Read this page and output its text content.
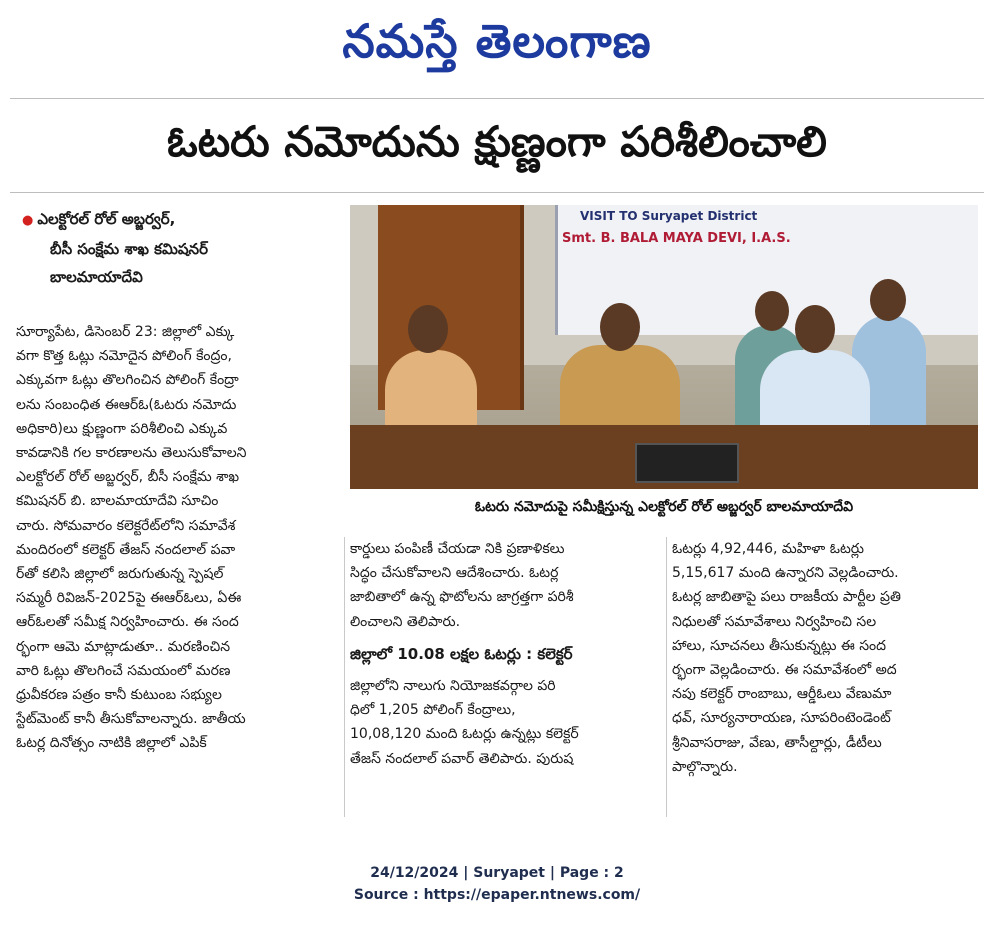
నమస్తే తెలంగాణ
ఓటరు నమోదును క్షుణ్ణంగా పరిశీలించాలి
● ఎలక్టోరల్ రోల్ అబ్జర్వర్,
బీసీ సంక్షేమ శాఖ కమిషనర్
బాలమాయాదేవి

సూర్యాపేట, డిసెంబర్ 23: జిల్లాలో ఎక్కు

వగా కొత్త ఓట్లు నమోదైన పోలింగ్ కేంద్రం,

ఎక్కువగా ఓట్లు తొలగించిన పోలింగ్ కేంద్రా

లను సంబంధిత ఈఆర్ఓ(ఓటరు నమోదు

అధికారి)లు క్షుణ్ణంగా పరిశీలించి ఎక్కువ

కావడానికి గల కారణాలను తెలుసుకోవాలని

ఎలక్టోరల్ రోల్ అబ్జర్వర్, బీసీ సంక్షేమ శాఖ

కమిషనర్ బి. బాలమాయాదేవి సూచిం

చారు. సోమవారం కలెక్టరేట్‌లోని సమావేశ

మందిరంలో కలెక్టర్ తేజస్ నందలాల్ పవా

ర్‌తో కలిసి జిల్లాలో జరుగుతున్న స్పెషల్

సమ్మరీ రివిజన్-2025పై ఈఆర్ఓలు, ఏఈ

ఆర్ఓలతో సమీక్ష నిర్వహించారు. ఈ సంద

ర్భంగా ఆమె మాట్లాడుతూ.. మరణించిన

వారి ఓట్లు తొలగించే సమయంలో మరణ

ధ్రువీకరణ పత్రం కానీ కుటుంబ సభ్యుల

స్టేట్‌మెంట్ కానీ తీసుకోవాలన్నారు. జాతీయ

ఓటర్ల దినోత్సం నాటికి జిల్లాలో ఎపిక్

VISIT TO Suryapet District
Smt. B. BALA MAYA DEVI, I.A.S.
ఓటరు నమోదుపై సమీక్షిస్తున్న ఎలక్టోరల్ రోల్ అబ్జర్వర్ బాలమాయాదేవి

కార్డులు పంపిణీ చేయడా నికి ప్రణాళికలు

సిద్ధం చేసుకోవాలని ఆదేశించారు. ఓటర్ల

జాబితాలో ఉన్న ఫొటోలను జాగ్రత్తగా పరిశీ

లించాలని తెలిపారు.

జిల్లాలో 10.08 లక్షల ఓటర్లు : కలెక్టర్

జిల్లాలోని నాలుగు నియోజకవర్గాల పరి

ధిలో 1,205 పోలింగ్ కేంద్రాలు,

10,08,120 మంది ఓటర్లు ఉన్నట్లు కలెక్టర్

తేజస్ నందలాల్ పవార్ తెలిపారు. పురుష

ఓటర్లు 4,92,446, మహిళా ఓటర్లు

5,15,617 మంది ఉన్నారని వెల్లడించారు.

ఓటర్ల జాబితాపై పలు రాజకీయ పార్టీల ప్రతి

నిధులతో సమావేశాలు నిర్వహించి సల

హాలు, సూచనలు తీసుకున్నట్లు ఈ సంద

ర్భంగా వెల్లడించారు. ఈ సమావేశంలో అద

నపు కలెక్టర్ రాంబాబు, ఆర్డీఓలు వేణుమా

ధవ్, సూర్యనారాయణ, సూపరింటెండెంట్

శ్రీనివాసరాజు, వేణు, తాసీల్దార్లు, డీటీలు

పాల్గొన్నారు.

24/12/2024 | Suryapet | Page : 2
Source : https://epaper.ntnews.com/
